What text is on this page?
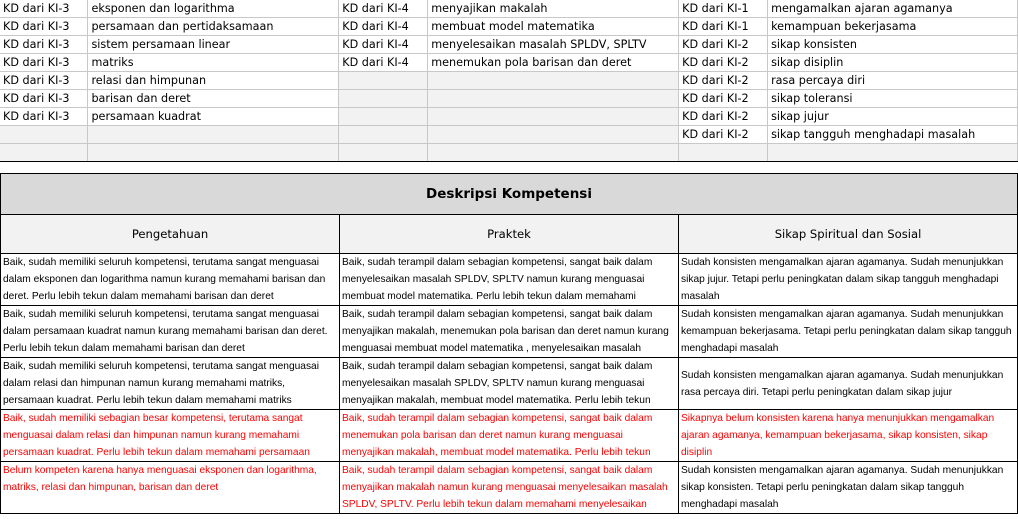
KD dari KI-3	eksponen dan logarithma	KD dari KI-4	menyajikan makalah	KD dari KI-1	mengamalkan ajaran agamanya
KD dari KI-3	persamaan dan pertidaksamaan	KD dari KI-4	membuat model matematika	KD dari KI-1	kemampuan bekerjasama
KD dari KI-3	sistem persamaan linear	KD dari KI-4	menyelesaikan masalah SPLDV, SPLTV	KD dari KI-2	sikap konsisten
KD dari KI-3	matriks	KD dari KI-4	menemukan pola barisan dan deret	KD dari KI-2	sikap disiplin
KD dari KI-3	relasi dan himpunan			KD dari KI-2	rasa percaya diri
KD dari KI-3	barisan dan deret			KD dari KI-2	sikap toleransi
KD dari KI-3	persamaan kuadrat			KD dari KI-2	sikap jujur
				KD dari KI-2	sikap tangguh menghadapi masalah

Deskripsi Kompetensi		
Pengetahuan	Praktek	Sikap Spiritual dan Sosial

Baik, sudah memiliki seluruh kompetensi, terutama sangat menguasai dalam eksponen dan logarithma namun kurang memahami barisan dan deret. Perlu lebih tekun dalam memahami barisan dan deret	Baik, sudah terampil dalam sebagian kompetensi, sangat baik dalam menyelesaikan masalah SPLDV, SPLTV namun kurang menguasai membuat model matematika. Perlu lebih tekun dalam memahami	Sudah konsisten mengamalkan ajaran agamanya. Sudah menunjukkan sikap jujur. Tetapi perlu peningkatan dalam sikap tangguh menghadapi masalah

Baik, sudah memiliki seluruh kompetensi, terutama sangat menguasai dalam persamaan kuadrat namun kurang memahami barisan dan deret. Perlu lebih tekun dalam memahami barisan dan deret	Baik, sudah terampil dalam sebagian kompetensi, sangat baik dalam menyajikan makalah, menemukan pola barisan dan deret namun kurang menguasai membuat model matematika , menyelesaikan masalah	Sudah konsisten mengamalkan ajaran agamanya. Sudah menunjukkan kemampuan bekerjasama. Tetapi perlu peningkatan dalam sikap tangguh menghadapi masalah

Baik, sudah memiliki seluruh kompetensi, terutama sangat menguasai dalam relasi dan himpunan namun kurang memahami matriks, persamaan kuadrat. Perlu lebih tekun dalam memahami matriks	Baik, sudah terampil dalam sebagian kompetensi, sangat baik dalam menyelesaikan masalah SPLDV, SPLTV namun kurang menguasai menyajikan makalah, membuat model matematika. Perlu lebih tekun	Sudah konsisten mengamalkan ajaran agamanya. Sudah menunjukkan rasa percaya diri. Tetapi perlu peningkatan dalam sikap jujur

Baik, sudah memiliki sebagian besar kompetensi, terutama sangat menguasai dalam relasi dan himpunan namun kurang memahami persamaan kuadrat. Perlu lebih tekun dalam memahami persamaan	Baik, sudah terampil dalam sebagian kompetensi, sangat baik dalam menemukan pola barisan dan deret namun kurang menguasai menyajikan makalah, membuat model matematika. Perlu lebih tekun	Sikapnya belum konsisten karena hanya menunjukkan mengamalkan ajaran agamanya, kemampuan bekerjasama, sikap konsisten, sikap disiplin

Belum kompeten karena hanya menguasai eksponen dan logarithma, matriks, relasi dan himpunan, barisan dan deret	Baik, sudah terampil dalam sebagian kompetensi, sangat baik dalam menyajikan makalah namun kurang menguasai menyelesaikan masalah SPLDV, SPLTV. Perlu lebih tekun dalam memahami menyelesaikan	Sudah konsisten mengamalkan ajaran agamanya. Sudah menunjukkan sikap konsisten. Tetapi perlu peningkatan dalam sikap tangguh menghadapi masalah
